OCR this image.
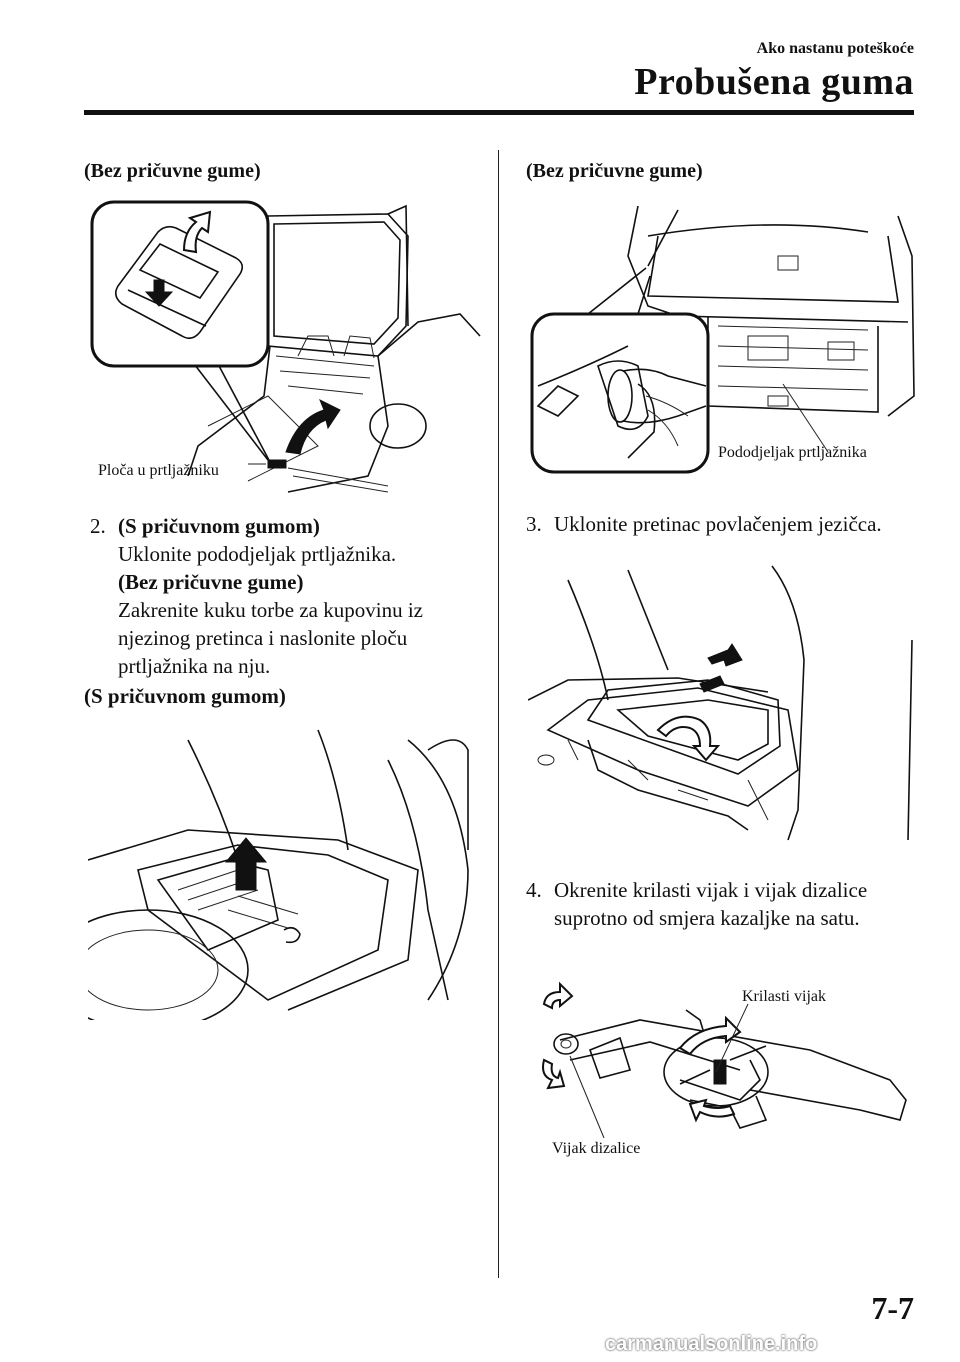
Ako nastanu poteškoće
Probušena guma
(Bez pričuvne gume)
Ploča u prtljažniku
2. (S pričuvnom gumom)
Uklonite pododjeljak prtljažnika.
(Bez pričuvne gume)
Zakrenite kuku torbe za kupovinu iz
njezinog pretinca i naslonite ploču
prtljažnika na nju.
(S pričuvnom gumom)
(Bez pričuvne gume)
Pododjeljak prtljažnika
3. Uklonite pretinac povlačenjem jezičca.
4. Okrenite krilasti vijak i vijak dizalice
suprotno od smjera kazaljke na satu.
Krilasti vijak
Vijak dizalice
7-7
carmanualsonline.info
